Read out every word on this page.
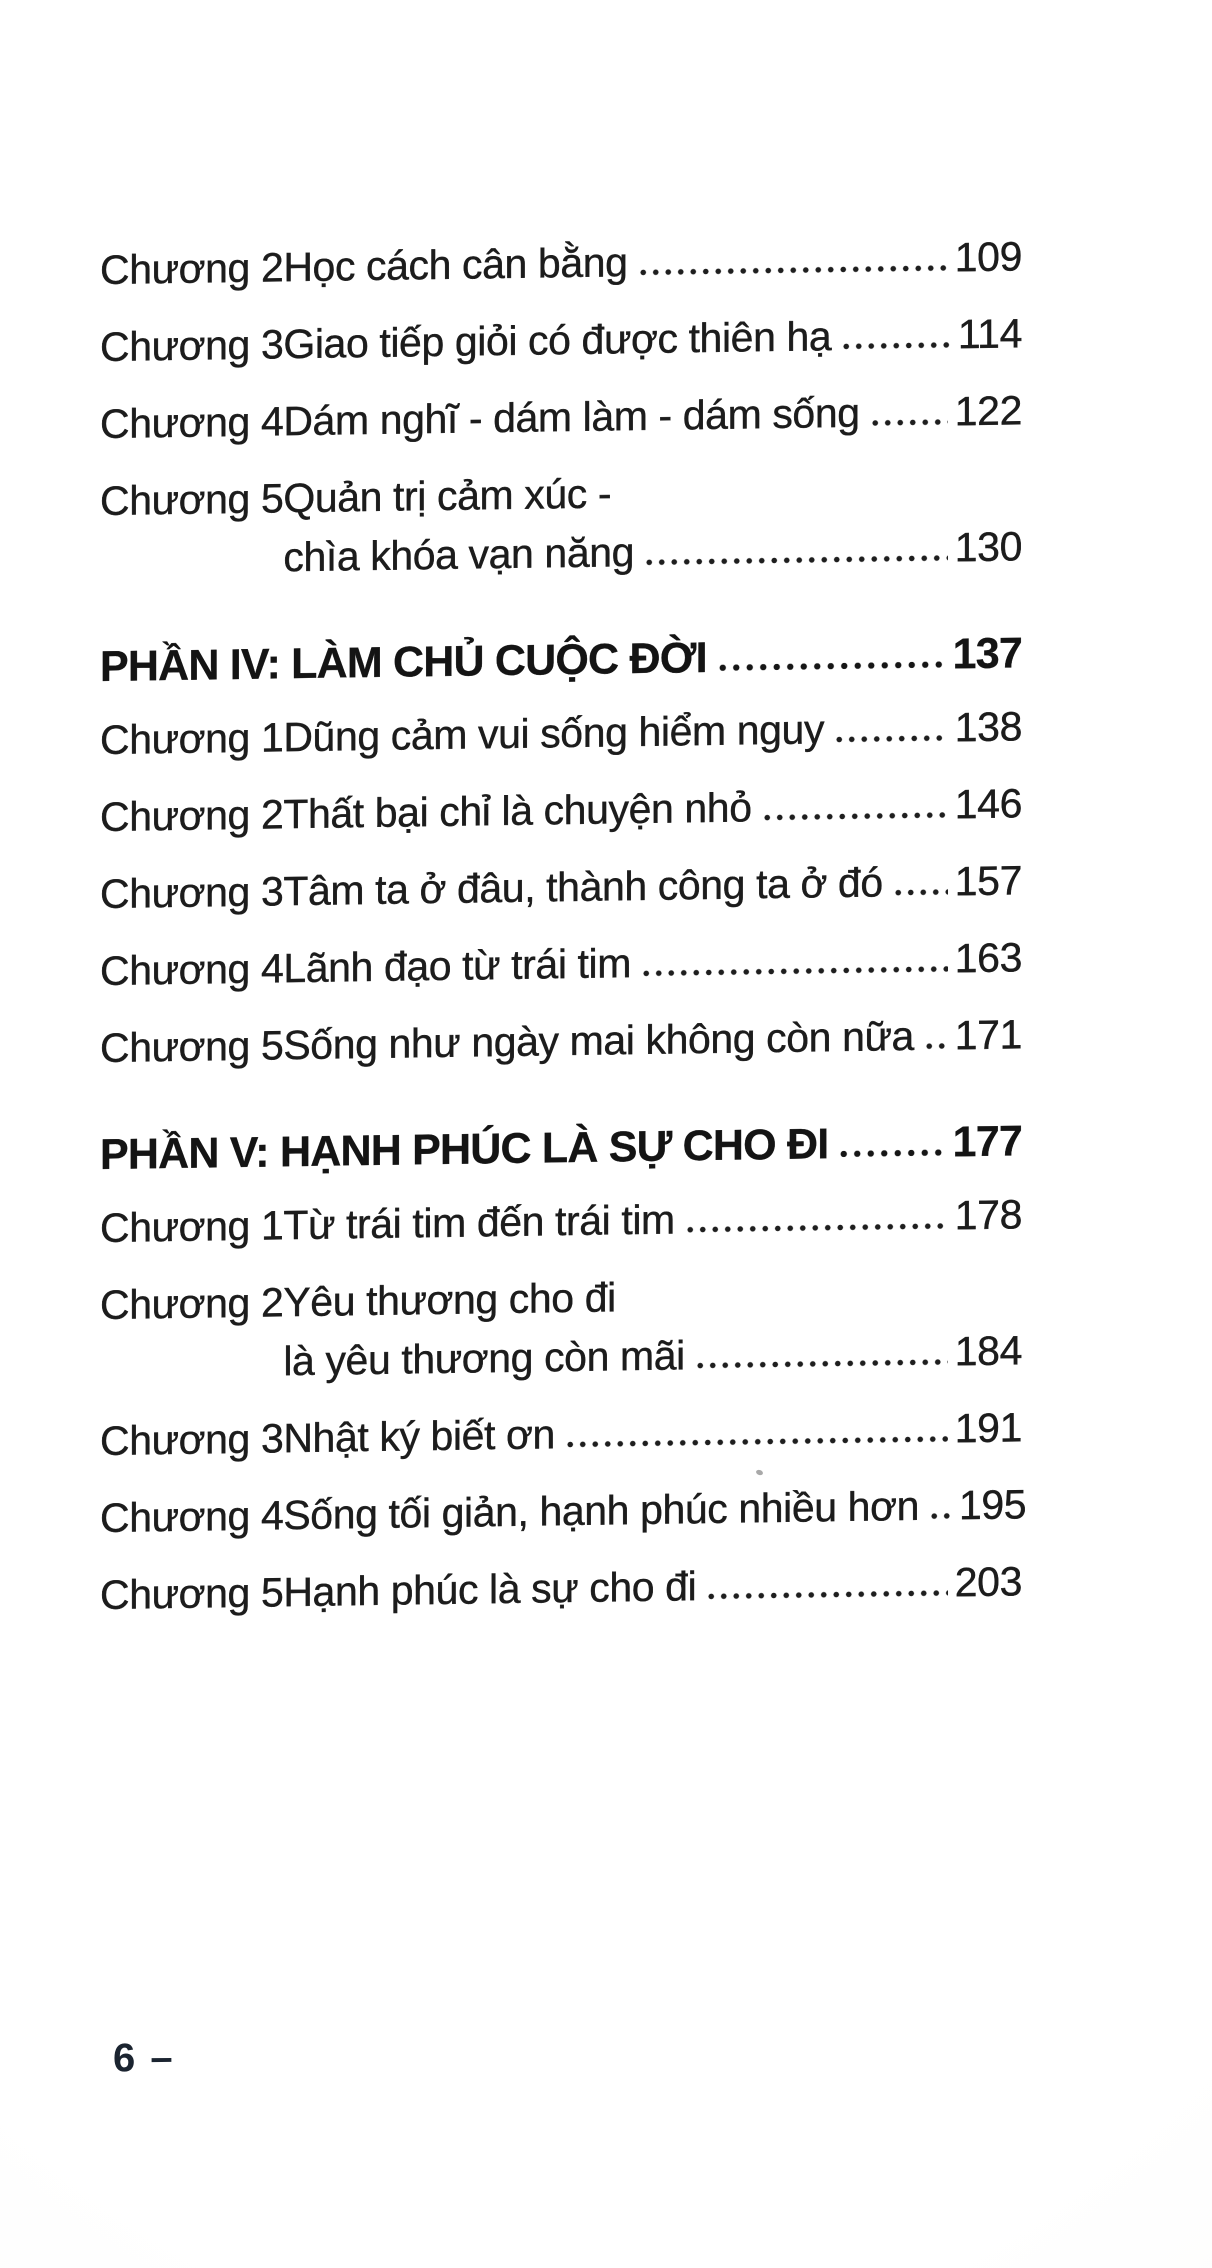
Chương 2 Học cách cân bằng	109
Chương 3 Giao tiếp giỏi có được thiên hạ	114
Chương 4 Dám nghĩ - dám làm - dám sống 122
Chương 5 Quản trị cảm xúc -
chìa khóa vạn năng	130
PHẦN IV: LÀM CHỦ CUỘC ĐỜI	137
Chương 1 Dũng cảm vui sống hiểm nguy	138
Chương 2 Thất bại chỉ là chuyện nhỏ	146
Chương 3 Tâm ta ở đâu, thành công ta ở đó 157
Chương 4 Lãnh đạo từ trái tim	163
Chương 5 Sống như ngày mai không còn nữa 171
PHẦN V: HẠNH PHÚC LÀ SỰ CHO ĐI	177
Chương 1 Từ trái tim đến trái tim	178
Chương 2 Yêu thương cho đi
là yêu thương còn mãi	184
Chương 3 Nhật ký biết ơn	191
Chương 4 Sống tối giản, hạnh phúc nhiều hơn 195
Chương 5 Hạnh phúc là sự cho đi	203
6 –
